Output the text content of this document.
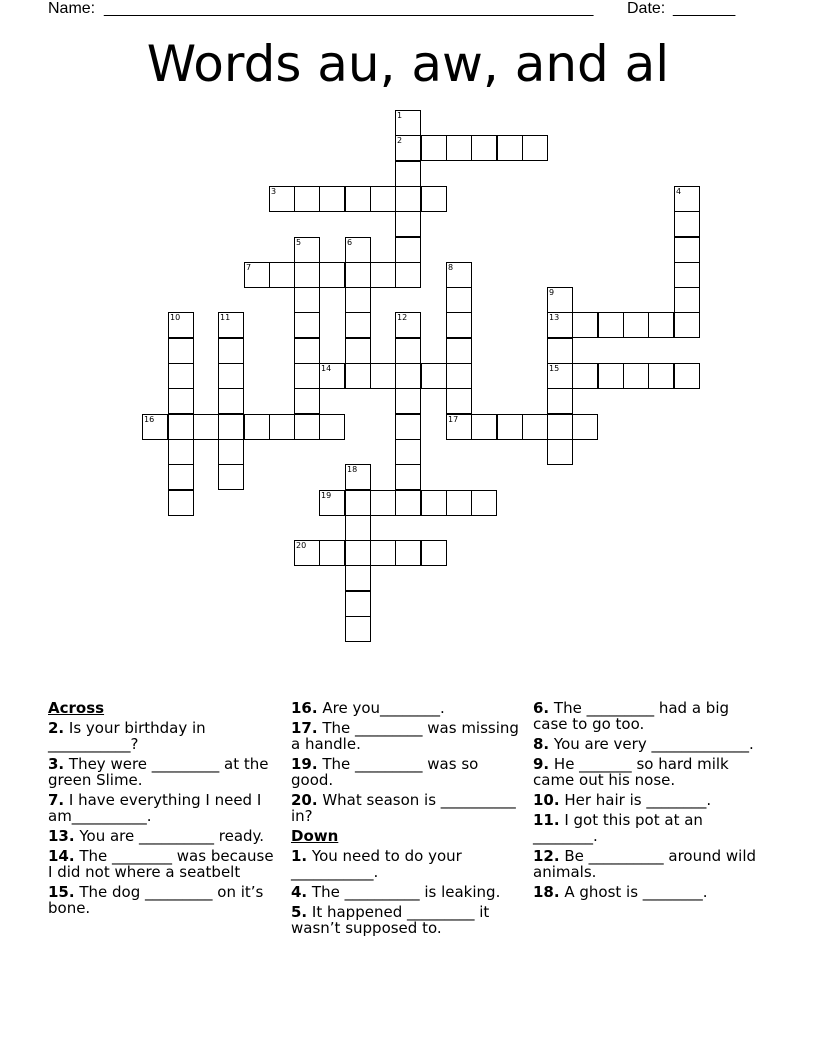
Name: _______________________________________________________ Date: _______
Words au, aw, and al
1
2
3	4
5	6
7	8
17
9
13
15
10	11	12
14
16
18
19
20
Across
2. Is your birthday in ___________?
3. They were _________ at the green Slime.
7. I have everything I need I am__________.
13. You are __________ ready.
14. The ________ was because I did not where a seatbelt
15. The dog _________ on it’s bone.
16. Are you________.
17. The _________ was missing a handle.
19. The _________ was so good.
20. What season is __________ in?
Down
1. You need to do your ___________.
4. The __________ is leaking.
5. It happened _________ it wasn’t supposed to.
6. The _________ had a big case to go too.
8. You are very _____________.
9. He _______ so hard milk came out his nose.
10. Her hair is ________.
11. I got this pot at an ________.
12. Be __________ around wild animals.
18. A ghost is ________.
